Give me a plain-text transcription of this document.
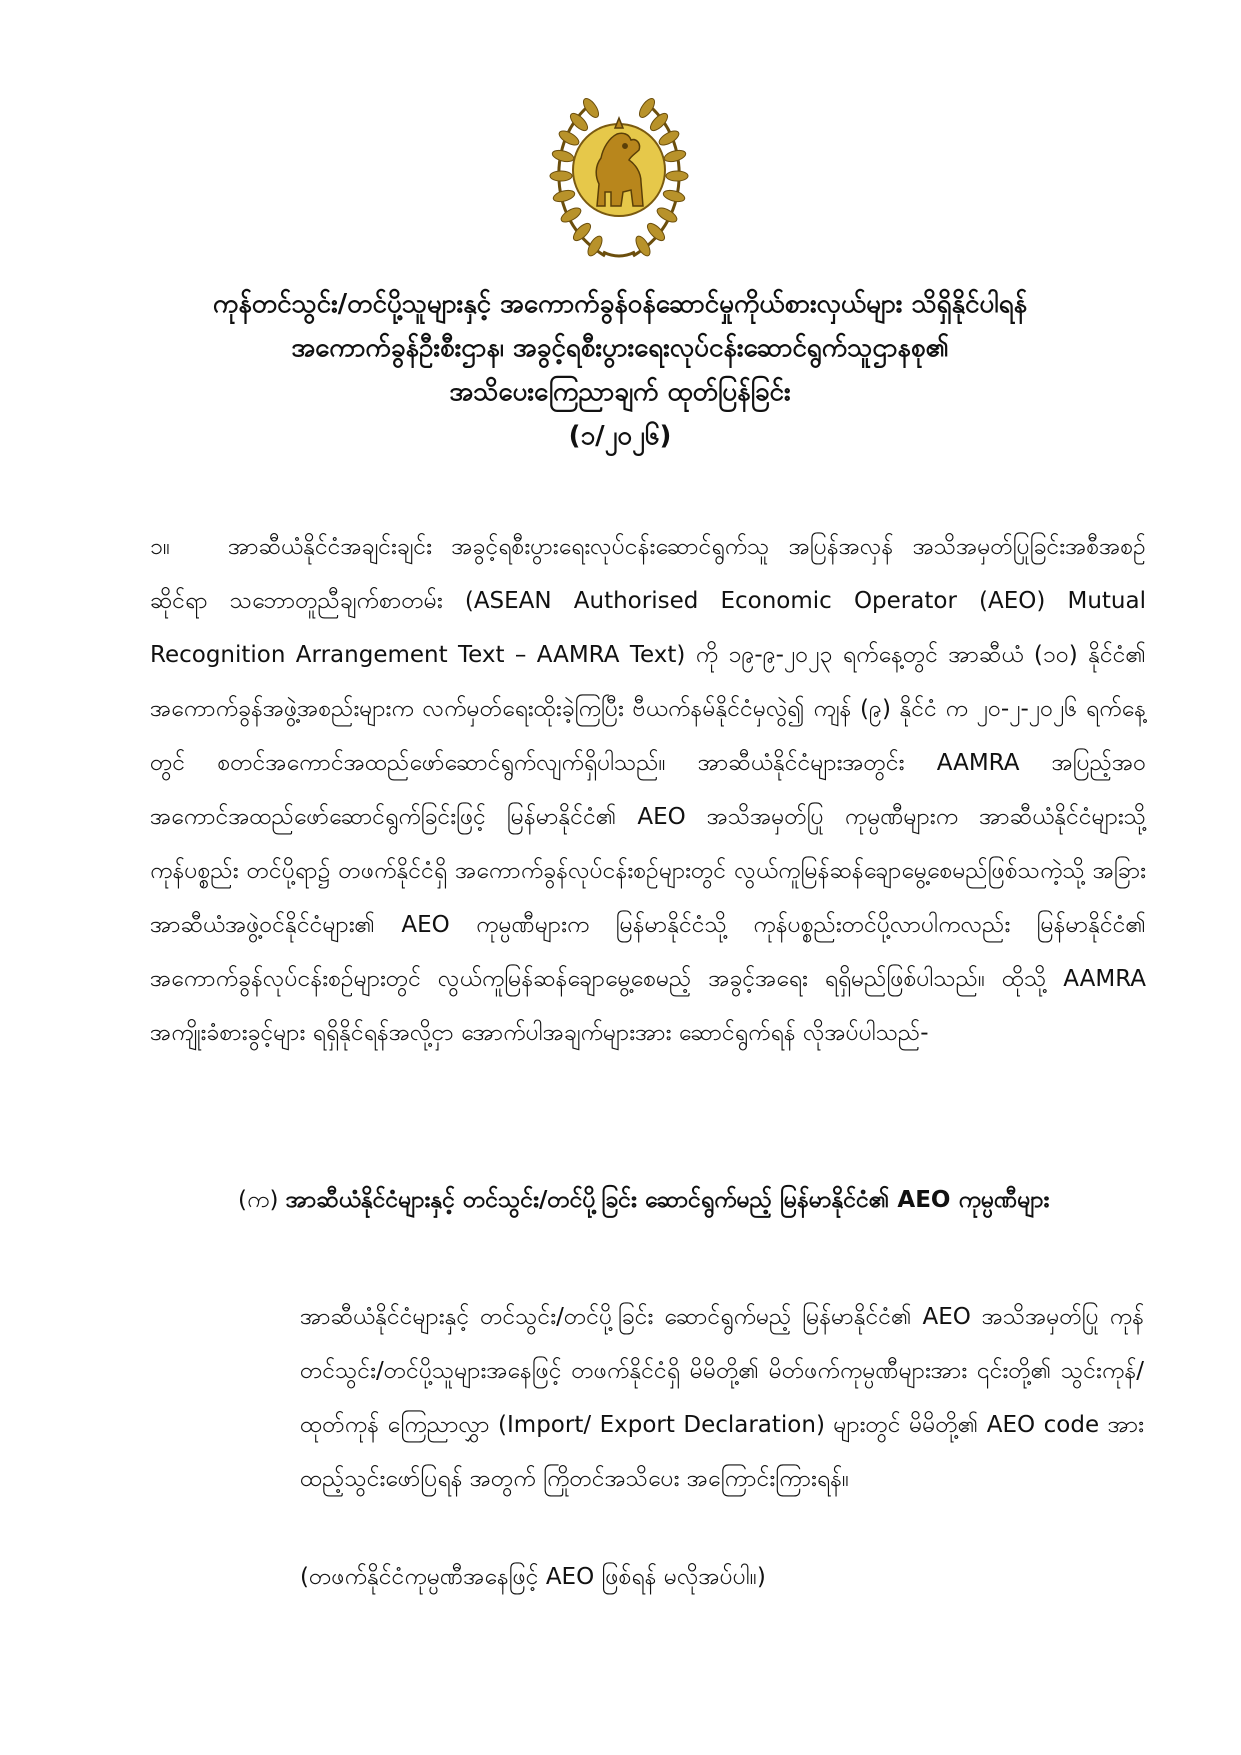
ကုန်တင်သွင်း/တင်ပို့သူများနှင့် အကောက်ခွန်ဝန်ဆောင်မှုကိုယ်စားလှယ်များ သိရှိနိုင်ပါရန်

အကောက်ခွန်ဦးစီးဌာန၊ အခွင့်ရစီးပွားရေးလုပ်ငန်းဆောင်ရွက်သူဌာနစု၏

အသိပေးကြေညာချက် ထုတ်ပြန်ခြင်း

(၁/၂၀၂၆)

၁။	အာဆီယံနိုင်ငံအချင်းချင်း အခွင့်ရစီးပွားရေးလုပ်ငန်းဆောင်ရွက်သူ အပြန်အလှန် အသိအမှတ်ပြုခြင်းအစီအစဉ်ဆိုင်ရာ သဘောတူညီချက်စာတမ်း (ASEAN Authorised Economic Operator (AEO) Mutual Recognition Arrangement Text – AAMRA Text) ကို ၁၉-၉-၂၀၂၃ ရက်နေ့တွင် အာဆီယံ (၁၀) နိုင်ငံ၏ အကောက်ခွန်အဖွဲ့အစည်းများက လက်မှတ်ရေးထိုးခဲ့ကြပြီး ဗီယက်နမ်နိုင်ငံမှလွဲ၍ ကျန် (၉) နိုင်ငံ က ၂၀-၂-၂၀၂၆ ရက်နေ့တွင် စတင်အကောင်အထည်ဖော်ဆောင်ရွက်လျက်ရှိပါသည်။ အာဆီယံနိုင်ငံများအတွင်း AAMRA အပြည့်အဝ အကောင်အထည်ဖော်ဆောင်ရွက်ခြင်းဖြင့် မြန်မာနိုင်ငံ၏ AEO အသိအမှတ်ပြု ကုမ္ပဏီများက အာဆီယံနိုင်ငံများသို့ ကုန်ပစ္စည်း တင်ပို့ရာ၌ တဖက်နိုင်ငံရှိ အကောက်ခွန်လုပ်ငန်းစဉ်များတွင် လွယ်ကူမြန်ဆန်ချောမွေ့စေမည်ဖြစ်သကဲ့သို့ အခြားအာဆီယံအဖွဲ့ဝင်နိုင်ငံများ၏ AEO ကုမ္ပဏီများက မြန်မာနိုင်ငံသို့ ကုန်ပစ္စည်းတင်ပို့လာပါကလည်း မြန်မာနိုင်ငံ၏ အကောက်ခွန်လုပ်ငန်းစဉ်များတွင် လွယ်ကူမြန်ဆန်ချောမွေ့စေမည့် အခွင့်အရေး ရရှိမည်ဖြစ်ပါသည်။ ထိုသို့ AAMRA အကျိုးခံစားခွင့်များ ရရှိနိုင်ရန်အလို့ငှာ အောက်ပါအချက်များအား ဆောင်ရွက်ရန် လိုအပ်ပါသည်-

(က) အာဆီယံနိုင်ငံများနှင့် တင်သွင်း/တင်ပို့ခြင်း ဆောင်ရွက်မည့် မြန်မာနိုင်ငံ၏ AEO ကုမ္ပဏီများ
အာဆီယံနိုင်ငံများနှင့် တင်သွင်း/တင်ပို့ခြင်း ဆောင်ရွက်မည့် မြန်မာနိုင်ငံ၏ AEO အသိအမှတ်ပြု ကုန်တင်သွင်း/တင်ပို့သူများအနေဖြင့် တဖက်နိုင်ငံရှိ မိမိတို့၏ မိတ်ဖက်ကုမ္ပဏီများအား ၎င်းတို့၏ သွင်းကုန်/ထုတ်ကုန် ကြေညာလွှာ (Import/ Export Declaration) များတွင် မိမိတို့၏ AEO code အား ထည့်သွင်းဖော်ပြရန် အတွက် ကြိုတင်အသိပေး အကြောင်းကြားရန်။
(တဖက်နိုင်ငံကုမ္ပဏီအနေဖြင့် AEO ဖြစ်ရန် မလိုအပ်ပါ။)
